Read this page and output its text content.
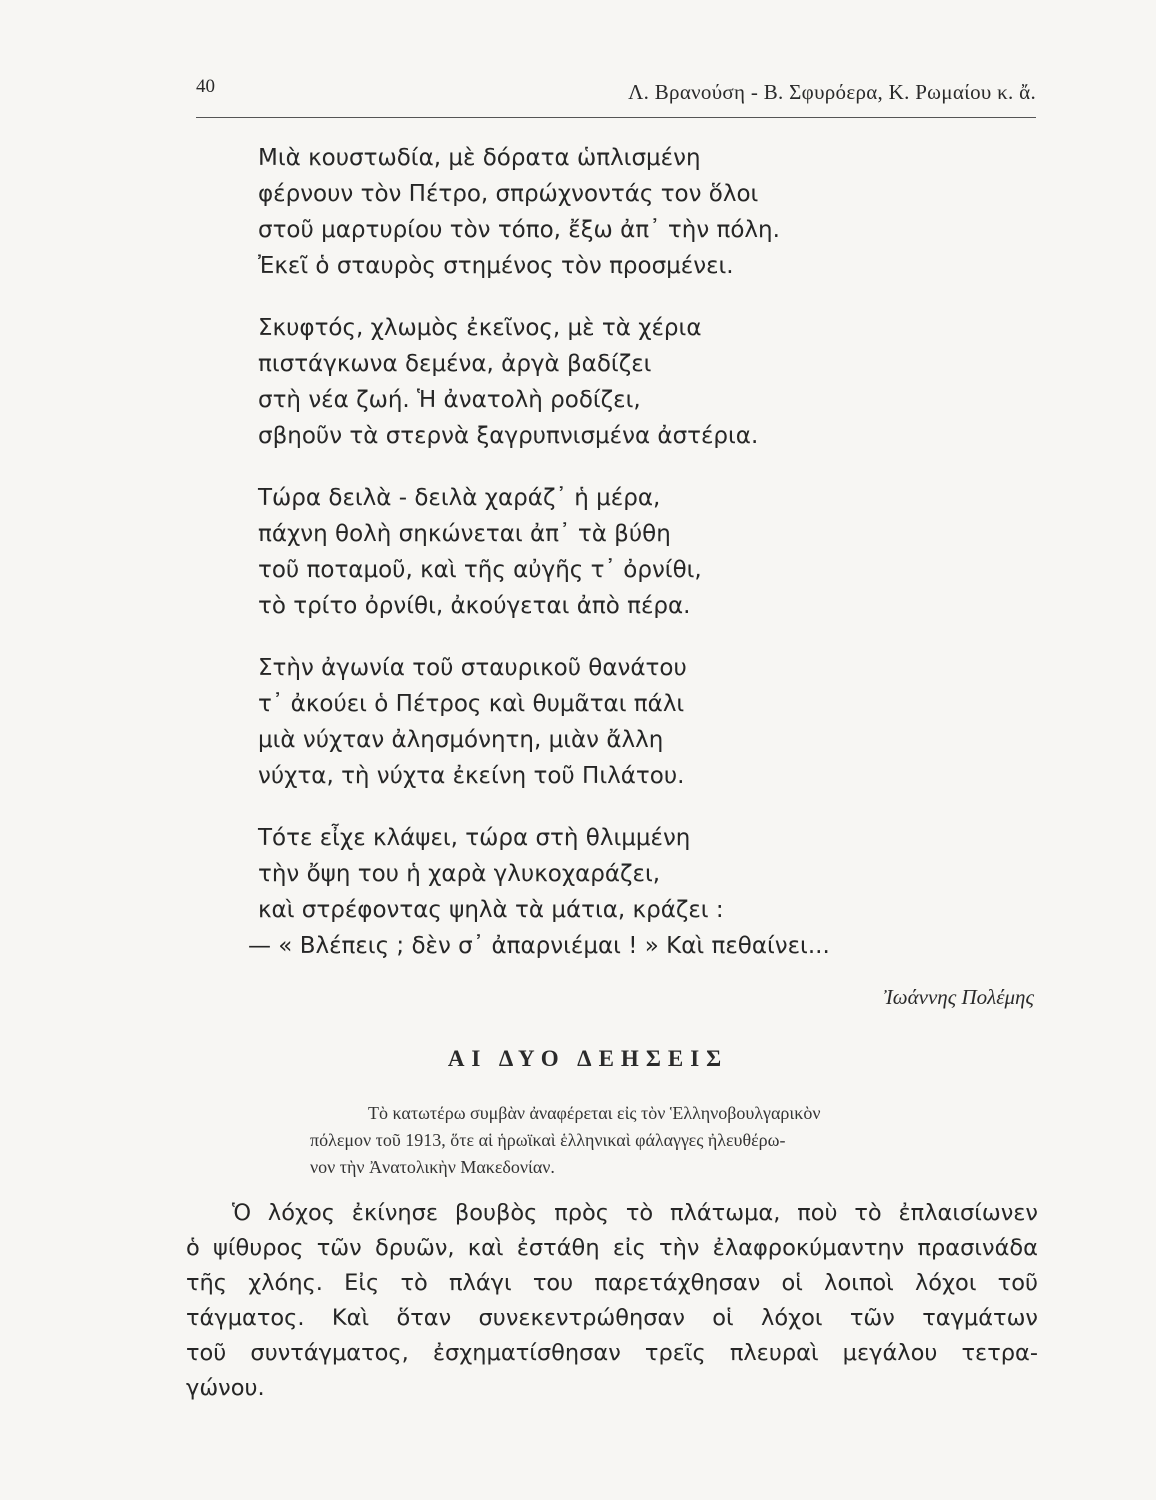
40	Λ. Βρανούση - Β. Σφυρόερα, Κ. Ρωμαίου κ. ἄ.
Μιὰ κουστωδία, μὲ δόρατα ὡπλισμένη
φέρνουν τὸν Πέτρο, σπρώχνοντάς τον ὅλοι
στοῦ μαρτυρίου τὸν τόπο, ἔξω ἀπ᾽ τὴν πόλη.
Ἐκεῖ ὁ σταυρὸς στημένος τὸν προσμένει.
Σκυφτός, χλωμὸς ἐκεῖνος, μὲ τὰ χέρια
πιστάγκωνα δεμένα, ἀργὰ βαδίζει
στὴ νέα ζωή. Ἡ ἀνατολὴ ροδίζει,
σβηοῦν τὰ στερνὰ ξαγρυπνισμένα ἀστέρια.
Τώρα δειλὰ - δειλὰ χαράζ᾽ ἡ μέρα,
πάχνη θολὴ σηκώνεται ἀπ᾽ τὰ βύθη
τοῦ ποταμοῦ, καὶ τῆς αὐγῆς τ᾽ ὀρνίθι,
τὸ τρίτο ὀρνίθι, ἀκούγεται ἀπὸ πέρα.
Στὴν ἀγωνία τοῦ σταυρικοῦ θανάτου
τ᾽ ἀκούει ὁ Πέτρος καὶ θυμᾶται πάλι
μιὰ νύχταν ἀλησμόνητη, μιὰν ἄλλη
νύχτα, τὴ νύχτα ἐκείνη τοῦ Πιλάτου.
Τότε εἶχε κλάψει, τώρα στὴ θλιμμένη
τὴν ὄψη του ἡ χαρὰ γλυκοχαράζει,
καὶ στρέφοντας ψηλὰ τὰ μάτια, κράζει :
— « Βλέπεις ; δὲν σ᾽ ἀπαρνιέμαι ! » Καὶ πεθαίνει...
Ἰωάννης Πολέμης
ΑΙ ΔΥΟ ΔΕΗΣΕΙΣ
Τὸ κατωτέρω συμβὰν ἀναφέρεται εἰς τὸν Ἑλληνοβουλγαρικὸν
πόλεμον τοῦ 1913, ὅτε αἱ ἡρωϊκαὶ ἑλληνικαὶ φάλαγγες ἠλευθέρω-
νον τὴν Ἀνατολικὴν Μακεδονίαν.
Ὁ λόχος ἐκίνησε βουβὸς πρὸς τὸ πλάτωμα, ποὺ τὸ ἐπλαισίωνεν
ὁ ψίθυρος τῶν δρυῶν, καὶ ἐστάθη εἰς τὴν ἐλαφροκύμαντην πρασινάδα
τῆς χλόης. Εἰς τὸ πλάγι του παρετάχθησαν οἱ λοιποὶ λόχοι τοῦ
τάγματος. Καὶ ὅταν συνεκεντρώθησαν οἱ λόχοι τῶν ταγμάτων
τοῦ συντάγματος, ἐσχηματίσθησαν τρεῖς πλευραὶ μεγάλου τετρα-
γώνου.
